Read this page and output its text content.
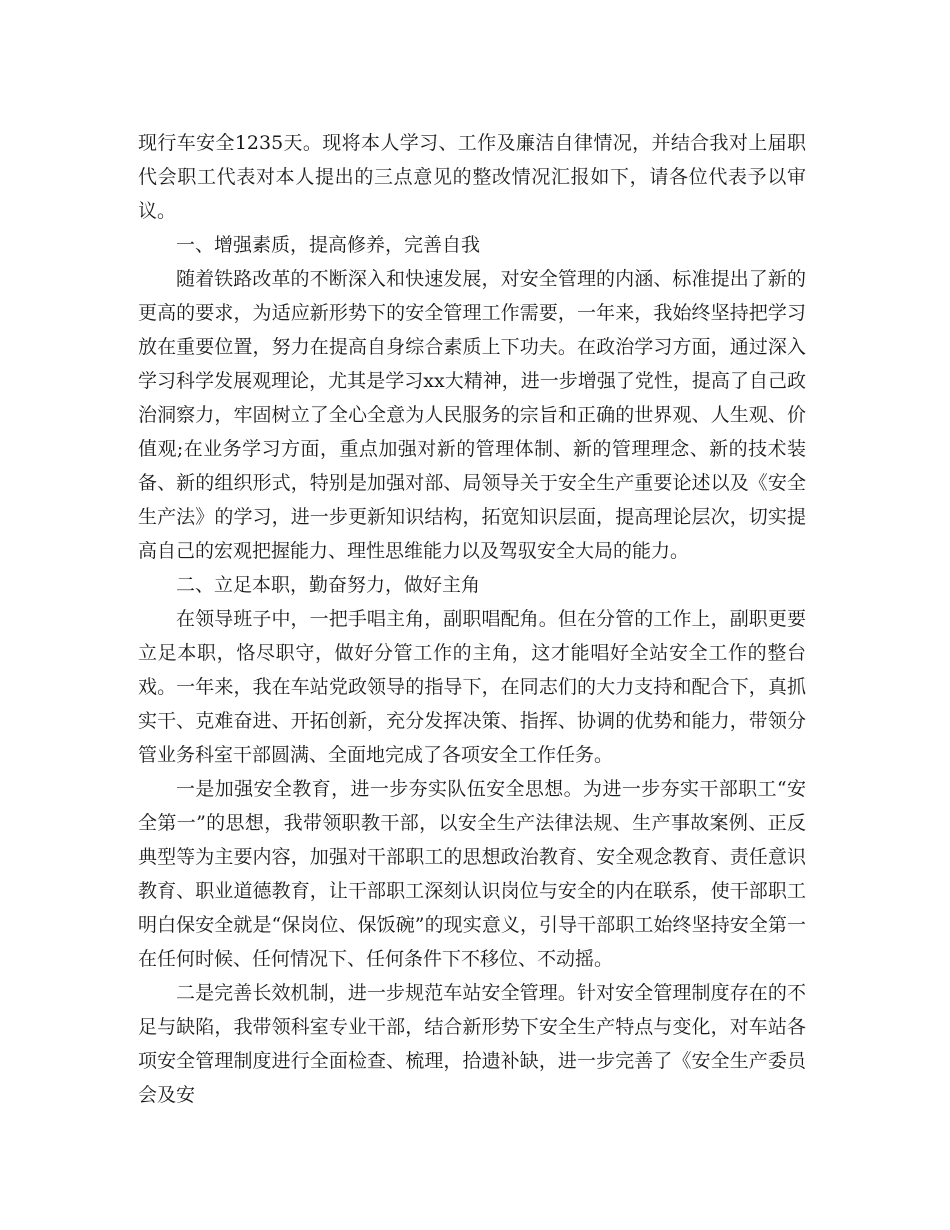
现行车安全1235天。现将本人学习、工作及廉洁自律情况，并结合我对上届职代会职工代表对本人提出的三点意见的整改情况汇报如下，请各位代表予以审议。

一、增强素质，提高修养，完善自我

随着铁路改革的不断深入和快速发展，对安全管理的内涵、标准提出了新的更高的要求，为适应新形势下的安全管理工作需要，一年来，我始终坚持把学习放在重要位置，努力在提高自身综合素质上下功夫。在政治学习方面，通过深入学习科学发展观理论，尤其是学习xx大精神，进一步增强了党性，提高了自己政治洞察力，牢固树立了全心全意为人民服务的宗旨和正确的世界观、人生观、价值观;在业务学习方面，重点加强对新的管理体制、新的管理理念、新的技术装备、新的组织形式，特别是加强对部、局领导关于安全生产重要论述以及《安全生产法》的学习，进一步更新知识结构，拓宽知识层面，提高理论层次，切实提高自己的宏观把握能力、理性思维能力以及驾驭安全大局的能力。

二、立足本职，勤奋努力，做好主角

在领导班子中，一把手唱主角，副职唱配角。但在分管的工作上，副职更要立足本职，恪尽职守，做好分管工作的主角，这才能唱好全站安全工作的整台戏。一年来，我在车站党政领导的指导下，在同志们的大力支持和配合下，真抓实干、克难奋进、开拓创新，充分发挥决策、指挥、协调的优势和能力，带领分管业务科室干部圆满、全面地完成了各项安全工作任务。

一是加强安全教育，进一步夯实队伍安全思想。为进一步夯实干部职工“安全第一”的思想，我带领职教干部，以安全生产法律法规、生产事故案例、正反典型等为主要内容，加强对干部职工的思想政治教育、安全观念教育、责任意识教育、职业道德教育，让干部职工深刻认识岗位与安全的内在联系，使干部职工明白保安全就是“保岗位、保饭碗”的现实意义，引导干部职工始终坚持安全第一在任何时候、任何情况下、任何条件下不移位、不动摇。

二是完善长效机制，进一步规范车站安全管理。针对安全管理制度存在的不足与缺陷，我带领科室专业干部，结合新形势下安全生产特点与变化，对车站各项安全管理制度进行全面检查、梳理，拾遗补缺，进一步完善了《安全生产委员会及安
